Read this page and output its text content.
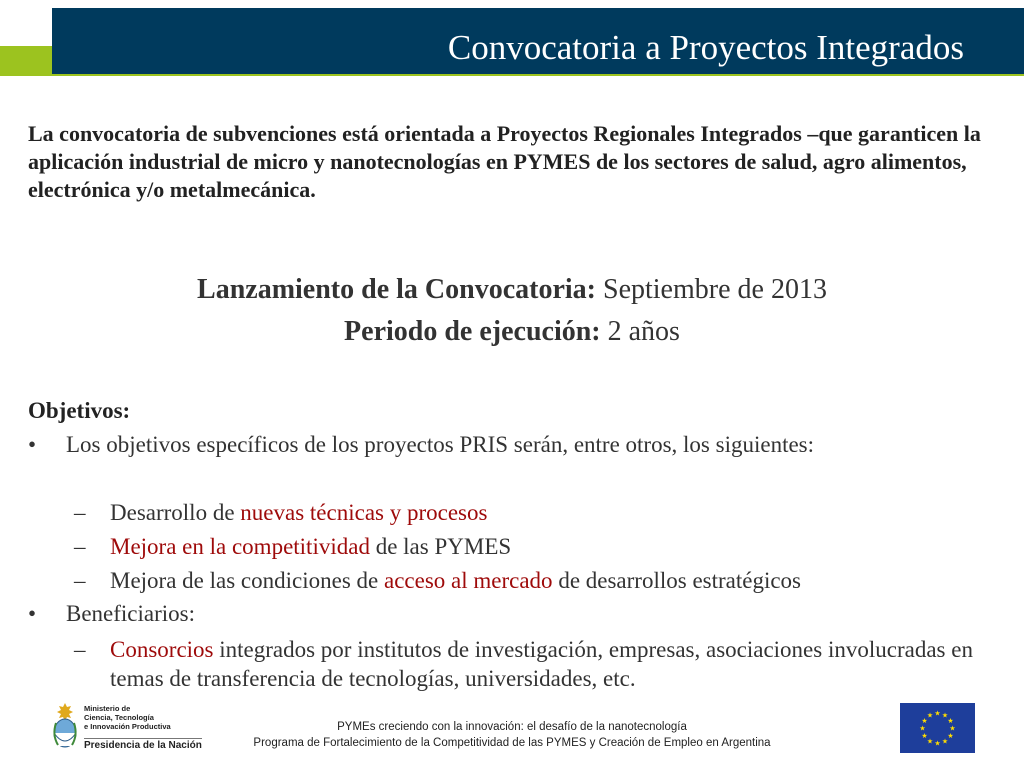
Convocatoria a Proyectos Integrados
La convocatoria de subvenciones está orientada a Proyectos Regionales Integrados –que garanticen la aplicación industrial de micro y nanotecnologías en PYMES de los sectores de salud, agro alimentos, electrónica y/o metalmecánica.
Lanzamiento de la Convocatoria: Septiembre de 2013
Periodo de ejecución: 2 años
Objetivos:
• Los objetivos específicos de los proyectos PRIS serán, entre otros, los siguientes:
– Desarrollo de nuevas técnicas y procesos
– Mejora en la competitividad de las PYMES
– Mejora de las condiciones de acceso al mercado de desarrollos estratégicos
• Beneficiarios:
–	Consorcios integrados por institutos de investigación, empresas, asociaciones involucradas en temas de transferencia de tecnologías, universidades, etc.
Ministerio de
Ciencia, Tecnología
e Innovación Productiva
Presidencia de la Nación
PYMEs creciendo con la innovación: el desafío de la nanotecnología
Programa de Fortalecimiento de la Competitividad de las PYMES y Creación de Empleo en Argentina
★
★
★
★
★
★
★
★
★ ★ ★
★
